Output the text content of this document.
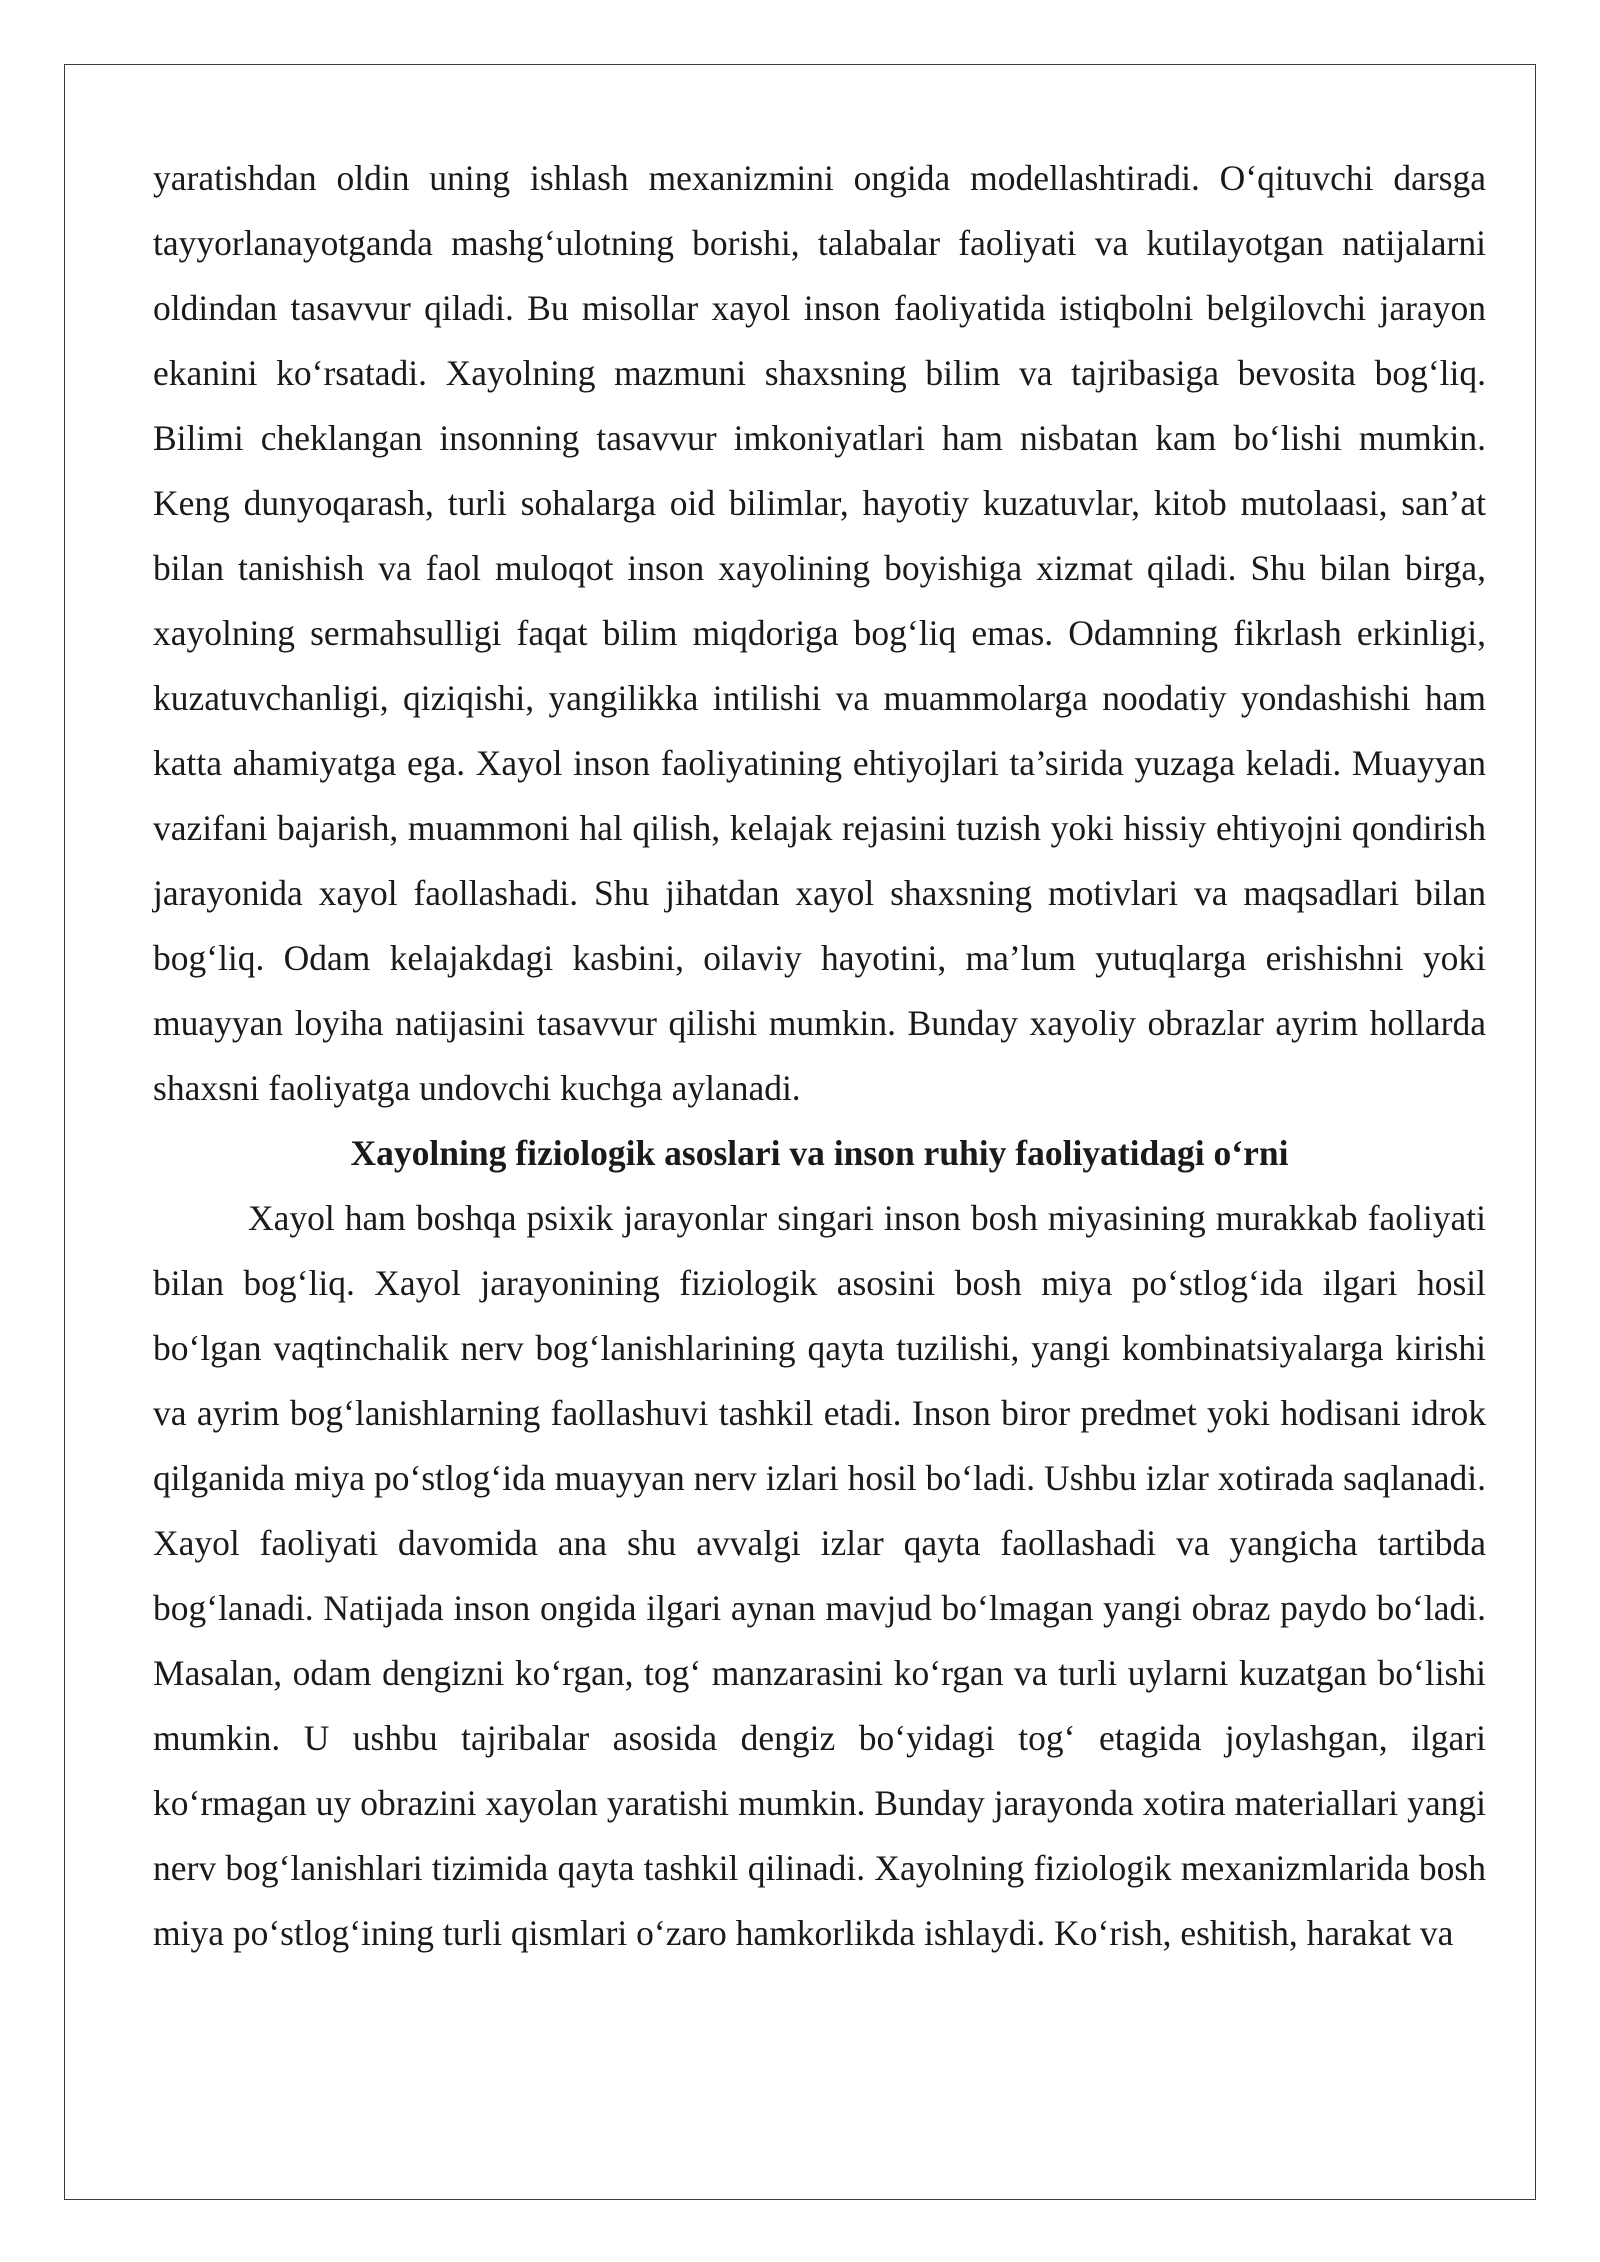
yaratishdan oldin uning ishlash mexanizmini ongida modellashtiradi. O‘qituvchi darsga tayyorlanayotganda mashg‘ulotning borishi, talabalar faoliyati va kutilayotgan natijalarni oldindan tasavvur qiladi. Bu misollar xayol inson faoliyatida istiqbolni belgilovchi jarayon ekanini ko‘rsatadi. Xayolning mazmuni shaxsning bilim va tajribasiga bevosita bog‘liq. Bilimi cheklangan insonning tasavvur imkoniyatlari ham nisbatan kam bo‘lishi mumkin. Keng dunyoqarash, turli sohalarga oid bilimlar, hayotiy kuzatuvlar, kitob mutolaasi, san’at bilan tanishish va faol muloqot inson xayolining boyishiga xizmat qiladi. Shu bilan birga, xayolning sermahsulligi faqat bilim miqdoriga bog‘liq emas. Odamning fikrlash erkinligi, kuzatuvchanligi, qiziqishi, yangilikka intilishi va muammolarga noodatiy yondashishi ham katta ahamiyatga ega. Xayol inson faoliyatining ehtiyojlari ta’sirida yuzaga keladi. Muayyan vazifani bajarish, muammoni hal qilish, kelajak rejasini tuzish yoki hissiy ehtiyojni qondirish jarayonida xayol faollashadi. Shu jihatdan xayol shaxsning motivlari va maqsadlari bilan bog‘liq. Odam kelajakdagi kasbini, oilaviy hayotini, ma’lum yutuqlarga erishishni yoki muayyan loyiha natijasini tasavvur qilishi mumkin. Bunday xayoliy obrazlar ayrim hollarda shaxsni faoliyatga undovchi kuchga aylanadi.

Xayolning fiziologik asoslari va inson ruhiy faoliyatidagi o‘rni

Xayol ham boshqa psixik jarayonlar singari inson bosh miyasining murakkab faoliyati bilan bog‘liq. Xayol jarayonining fiziologik asosini bosh miya po‘stlog‘ida ilgari hosil bo‘lgan vaqtinchalik nerv bog‘lanishlarining qayta tuzilishi, yangi kombinatsiyalarga kirishi va ayrim bog‘lanishlarning faollashuvi tashkil etadi. Inson biror predmet yoki hodisani idrok qilganida miya po‘stlog‘ida muayyan nerv izlari hosil bo‘ladi. Ushbu izlar xotirada saqlanadi. Xayol faoliyati davomida ana shu avvalgi izlar qayta faollashadi va yangicha tartibda bog‘lanadi. Natijada inson ongida ilgari aynan mavjud bo‘lmagan yangi obraz paydo bo‘ladi. Masalan, odam dengizni ko‘rgan, tog‘ manzarasini ko‘rgan va turli uylarni kuzatgan bo‘lishi mumkin. U ushbu tajribalar asosida dengiz bo‘yidagi tog‘ etagida joylashgan, ilgari ko‘rmagan uy obrazini xayolan yaratishi mumkin. Bunday jarayonda xotira materiallari yangi nerv bog‘lanishlari tizimida qayta tashkil qilinadi. Xayolning fiziologik mexanizmlarida bosh miya po‘stlog‘ining turli qismlari o‘zaro hamkorlikda ishlaydi. Ko‘rish, eshitish, harakat va
